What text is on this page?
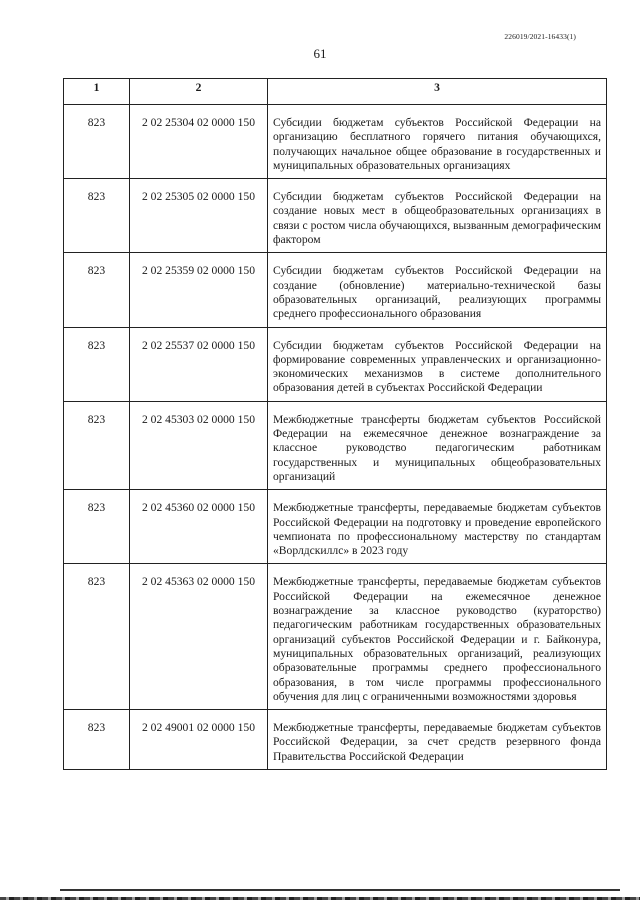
226019/2021-16433(1)
61
1	2	3
823	2 02 25304 02 0000 150	Субсидии бюджетам субъектов Российской Федерации на организацию бесплатного горячего питания обучающихся, получающих начальное общее образование в государственных и муниципальных образовательных организациях
823	2 02 25305 02 0000 150	Субсидии бюджетам субъектов Российской Федерации на создание новых мест в общеобразовательных организациях в связи с ростом числа обучающихся, вызванным демографическим фактором
823	2 02 25359 02 0000 150	Субсидии бюджетам субъектов Российской Федерации на создание (обновление) материально-технической базы образовательных организаций, реализующих программы среднего профессионального образования
823	2 02 25537 02 0000 150	Субсидии бюджетам субъектов Российской Федерации на формирование современных управленческих и организационно-экономических механизмов в системе дополнительного образования детей в субъектах Российской Федерации
823	2 02 45303 02 0000 150	Межбюджетные трансферты бюджетам субъектов Российской Федерации на ежемесячное денежное вознаграждение за классное руководство педагогическим работникам государственных и муниципальных общеобразовательных организаций
823	2 02 45360 02 0000 150	Межбюджетные трансферты, передаваемые бюджетам субъектов Российской Федерации на подготовку и проведение европейского чемпионата по профессиональному мастерству по стандартам «Ворлдскиллс» в 2023 году
823	2 02 45363 02 0000 150	Межбюджетные трансферты, передаваемые бюджетам субъектов Российской Федерации на ежемесячное денежное вознаграждение за классное руководство (кураторство) педагогическим работникам государственных образовательных организаций субъектов Российской Федерации и г. Байконура, муниципальных образовательных организаций, реализующих образовательные программы среднего профессионального образования, в том числе программы профессионального обучения для лиц с ограниченными возможностями здоровья
823	2 02 49001 02 0000 150	Межбюджетные трансферты, передаваемые бюджетам субъектов Российской Федерации, за счет средств резервного фонда Правительства Российской Федерации
